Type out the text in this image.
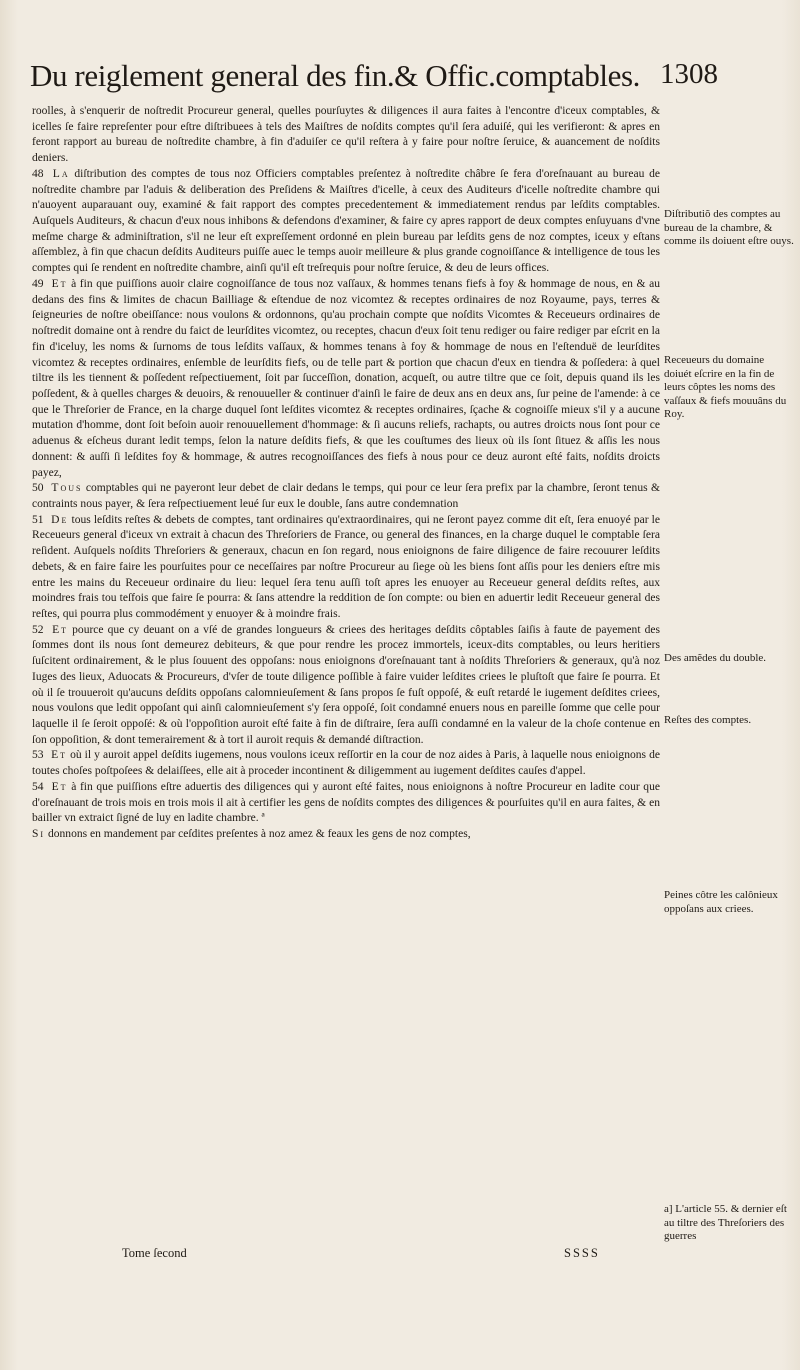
Du reiglement general des fin.& Offic.comptables. 1308

roolles, à s'enquerir de noſtredit Procureur general, quelles pourſuytes & diligences il aura faites à l'encontre d'iceux comptables, & icelles ſe faire repreſenter pour eſtre diſtribuees à tels des Maiſtres de noſdits comptes qu'il ſera aduiſé, qui les verifieront: & apres en feront rapport au bureau de noſtredite chambre, à fin d'aduiſer ce qu'il reſtera à y faire pour noſtre ſeruice, & auancement de noſdits deniers.

48 La diſtribution des comptes de tous noz Officiers comptables preſentez à noſtredite châbre ſe fera d'oreſnauant au bureau de noſtredite chambre par l'aduis & deliberation des Preſidens & Maiſtres d'icelle, à ceux des Auditeurs d'icelle noſtredite chambre qui n'auoyent auparauant ouy, examiné & fait rapport des comptes precedentement & immediatement rendus par leſdits comptables. Auſquels Auditeurs, & chacun d'eux nous inhibons & defendons d'examiner, & faire cy apres rapport de deux comptes enſuyuans d'vne meſme charge & adminiſtration, s'il ne leur eſt expreſſement ordonné en plein bureau par leſdits gens de noz comptes, iceux y eſtans aſſemblez, à fin que chacun deſdits Auditeurs puiſſe auec le temps auoir meilleure & plus grande cognoiſſance & intelligence de tous les comptes qui ſe rendent en noſtredite chambre, ainſi qu'il eſt treſrequis pour noſtre ſeruice, & deu de leurs offices.

49 Et à fin que puiſſions auoir claire cognoiſſance de tous noz vaſſaux, & hommes tenans fiefs à foy & hommage de nous, en & au dedans des fins & limites de chacun Bailliage & eſtendue de noz vicomtez & receptes ordinaires de noz Royaume, pays, terres & ſeigneuries de noſtre obeiſſance: nous voulons & ordonnons, qu'au prochain compte que noſdits Vicomtes & Receueurs ordinaires de noſtredit domaine ont à rendre du faict de leurſdites vicomtez, ou receptes, chacun d'eux ſoit tenu rediger ou faire rediger par eſcrit en la fin d'iceluy, les noms & ſurnoms de tous leſdits vaſſaux, & hommes tenans à foy & hommage de nous en l'eſtenduë de leurſdites vicomtez & receptes ordinaires, enſemble de leurſdits fiefs, ou de telle part & portion que chacun d'eux en tiendra & poſſedera: à quel tiltre ils les tiennent & poſſedent reſpectiuement, ſoit par ſucceſſion, donation, acqueſt, ou autre tiltre que ce ſoit, depuis quand ils les poſſedent, & à quelles charges & deuoirs, & renouueller & continuer d'ainſi le faire de deux ans en deux ans, ſur peine de l'amende: à ce que le Threſorier de France, en la charge duquel ſont leſdites vicomtez & receptes ordinaires, ſçache & cognoiſſe mieux s'il y a aucune mutation d'homme, dont ſoit beſoin auoir renouuellement d'hommage: & ſi aucuns reliefs, rachapts, ou autres droicts nous ſont pour ce aduenus & eſcheus durant ledit temps, ſelon la nature deſdits fiefs, & que les couſtumes des lieux où ils ſont ſituez & aſſis les nous donnent: & auſſi ſi leſdites foy & hommage, & autres recognoiſſances des fiefs à nous pour ce deuz auront eſté faits, noſdits droicts payez,

50 Tous comptables qui ne payeront leur debet de clair dedans le temps, qui pour ce leur ſera prefix par la chambre, ſeront tenus & contraints nous payer, & ſera reſpectiuement leué ſur eux le double, ſans autre condemnation

51 De tous leſdits reſtes & debets de comptes, tant ordinaires qu'extraordinaires, qui ne ſeront payez comme dit eſt, ſera enuoyé par le Receueurs general d'iceux vn extrait à chacun des Threſoriers de France, ou general des finances, en la charge duquel le comptable ſera reſident. Auſquels noſdits Threſoriers & generaux, chacun en ſon regard, nous enioignons de faire diligence de faire recouurer leſdits debets, & en faire faire les pourſuites pour ce neceſſaires par noſtre Procureur au ſiege où les biens ſont aſſis pour les deniers eſtre mis entre les mains du Receueur ordinaire du lieu: lequel ſera tenu auſſi toſt apres les enuoyer au Receueur general deſdits reſtes, aux moindres frais tou teſfois que faire ſe pourra: & ſans attendre la reddition de ſon compte: ou bien en aduertir ledit Receueur general des reſtes, qui pourra plus commodément y enuoyer & à moindre frais.

52 Et pource que cy deuant on a vſé de grandes longueurs & criees des heritages deſdits côptables ſaiſis à faute de payement des ſommes dont ils nous ſont demeurez debiteurs, & que pour rendre les procez immortels, iceux-dits comptables, ou leurs heritiers ſuſcitent ordinairement, & le plus ſouuent des oppoſans: nous enioignons d'oreſnauant tant à noſdits Threſoriers & generaux, qu'à noz Iuges des lieux, Aduocats & Procureurs, d'vſer de toute diligence poſſible à faire vuider leſdites criees le pluſtoſt que faire ſe pourra. Et où il ſe trouueroit qu'aucuns deſdits oppoſans calomnieuſement & ſans propos ſe fuſt oppoſé, & euſt retardé le iugement deſdites criees, nous voulons que ledit oppoſant qui ainſi calomnieuſement s'y ſera oppoſé, ſoit condamné enuers nous en pareille ſomme que celle pour laquelle il ſe ſeroit oppoſé: & où l'oppoſition auroit eſté faite à fin de diſtraire, ſera auſſi condamné en la valeur de la choſe contenue en ſon oppoſition, & dont temerairement & à tort il auroit requis & demandé diſtraction.

53 Et où il y auroit appel deſdits iugemens, nous voulons iceux reſſortir en la cour de noz aides à Paris, à laquelle nous enioignons de toutes choſes poſtpoſees & delaiſſees, elle ait à proceder incontinent & diligemment au iugement deſdites cauſes d'appel.

54 Et à fin que puiſſions eſtre aduertis des diligences qui y auront eſté faites, nous enioignons à noſtre Procureur en ladite cour que d'oreſnauant de trois mois en trois mois il ait à certifier les gens de noſdits comptes des diligences & pourſuites qu'il en aura faites, & en bailler vn extraict ſigné de luy en ladite chambre. ª

Si donnons en mandement par ceſdites preſentes à noz amez & feaux les gens de noz comptes,

Diſtributiõ des comptes au bureau de la chambre, & comme ils doiuent eſtre ouys.
Receueurs du domaine doiuét eſcrire en la fin de leurs côptes les noms des vaſſaux & fiefs mouuâns du Roy.
Des amẽdes du double.
Reſtes des comptes.
Peines côtre les calônieux oppoſans aux criees.
a] L'article 55. & dernier eſt au tiltre des Threſoriers des guerres
Tome ſecond	SSSS
